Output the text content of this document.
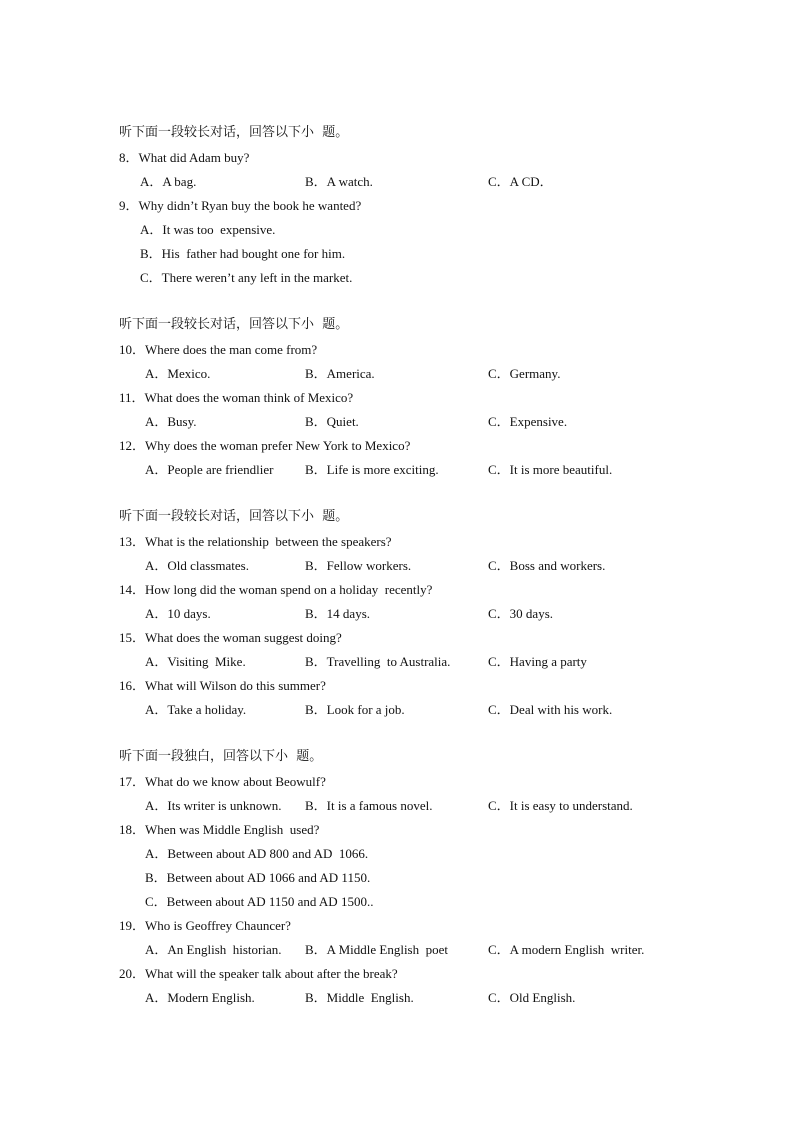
听下面一段较长对话，回答以下小  题。
8．What did Adam buy?
A．A bag.	B．A watch.	C．A CD．
9．Why didn’t Ryan buy the book he wanted?
A．It was too  expensive.
B．His  father had bought one for him.
C．There weren’t any left in the market.
听下面一段较长对话，回答以下小  题。
10．Where does the man come from?
A．Mexico.	B．America.	C．Germany.
11．What does the woman think of Mexico?
A．Busy.	B．Quiet.	C．Expensive.
12．Why does the woman prefer New York to Mexico?
A．People are friendlier B．Life is more exciting.	C．It is more beautiful.
听下面一段较长对话，回答以下小  题。
13．What is the relationship  between the speakers?
A．Old classmates.	B．Fellow workers.	C．Boss and workers.
14．How long did the woman spend on a holiday  recently?
A．10 days.	B．14 days.	C．30 days.
15．What does the woman suggest doing?
A．Visiting  Mike.	B．Travelling  to Australia.	C．Having a party
16．What will Wilson do this summer?
A．Take a holiday.	B．Look for a job.	C．Deal with his work.
听下面一段独白，回答以下小  题。
17．What do we know about Beowulf?
A．Its writer is unknown. B．It is a famous novel.	C．It is easy to understand.
18．When was Middle English  used?
A．Between about AD 800 and AD  1066.
B．Between about AD 1066 and AD 1150.
C．Between about AD 1150 and AD 1500..
19．Who is Geoffrey Chauncer?
A．An English  historian. B．A Middle English  poet	C．A modern English  writer.
20．What will the speaker talk about after the break?
A．Modern English.	B．Middle  English.	C．Old English.
